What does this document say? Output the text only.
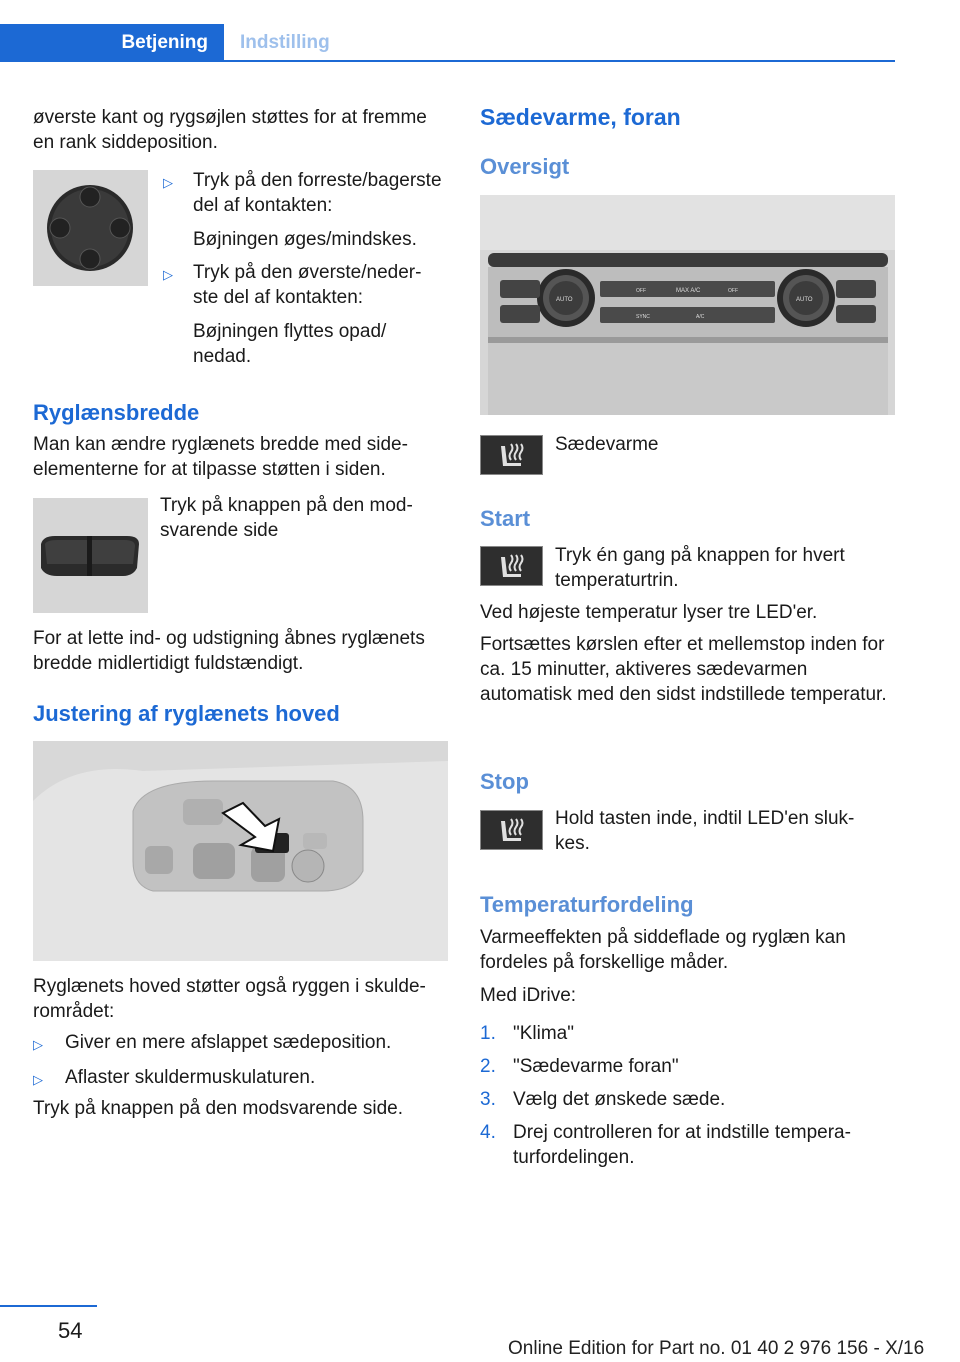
Betjening	Indstilling

øverste kant og rygsøjlen støttes for at fremme en rank siddeposition.

▷	Tryk på den forreste/bagerste del af kontakten:

Bøjningen øges/mindskes.

▷	Tryk på den øverste/nederste del af kontakten:

Bøjningen flyttes opad/ nedad.

Ryglænsbredde

Man kan ændre ryglænets bredde med sideelementerne for at tilpasse støtten i siden.

Tryk på knappen på den modsvarende side

For at lette ind- og udstigning åbnes ryglænets bredde midlertidigt fuldstændigt.

Justering af ryglænets hoved

Ryglænets hoved støtter også ryggen i skulderområdet:

▷	Giver en mere afslappet sædeposition.

▷	Aflaster skuldermuskulaturen.

Tryk på knappen på den modsvarende side.

Sædevarme, foran

Oversigt

AUTO	AUTO
MAX A/C
OFF	OFF
SYNC	A/C

Sædevarme

Start

Tryk én gang på knappen for hvert temperaturtrin.

Ved højeste temperatur lyser tre LED'er.

Fortsættes kørslen efter et mellemstop inden for ca. 15 minutter, aktiveres sædevarmen automatisk med den sidst indstillede temperatur.

Stop

Hold tasten inde, indtil LED'en slukkes.

Temperaturfordeling

Varmeeffekten på siddeflade og ryglæn kan fordeles på forskellige måder.

Med iDrive:

1. "Klima"

2. "Sædevarme foran"

3. Vælg det ønskede sæde.

4. Drej controlleren for at indstille temperaturfordelingen.

54
Online Edition for Part no. 01 40 2 976 156 - X/16
